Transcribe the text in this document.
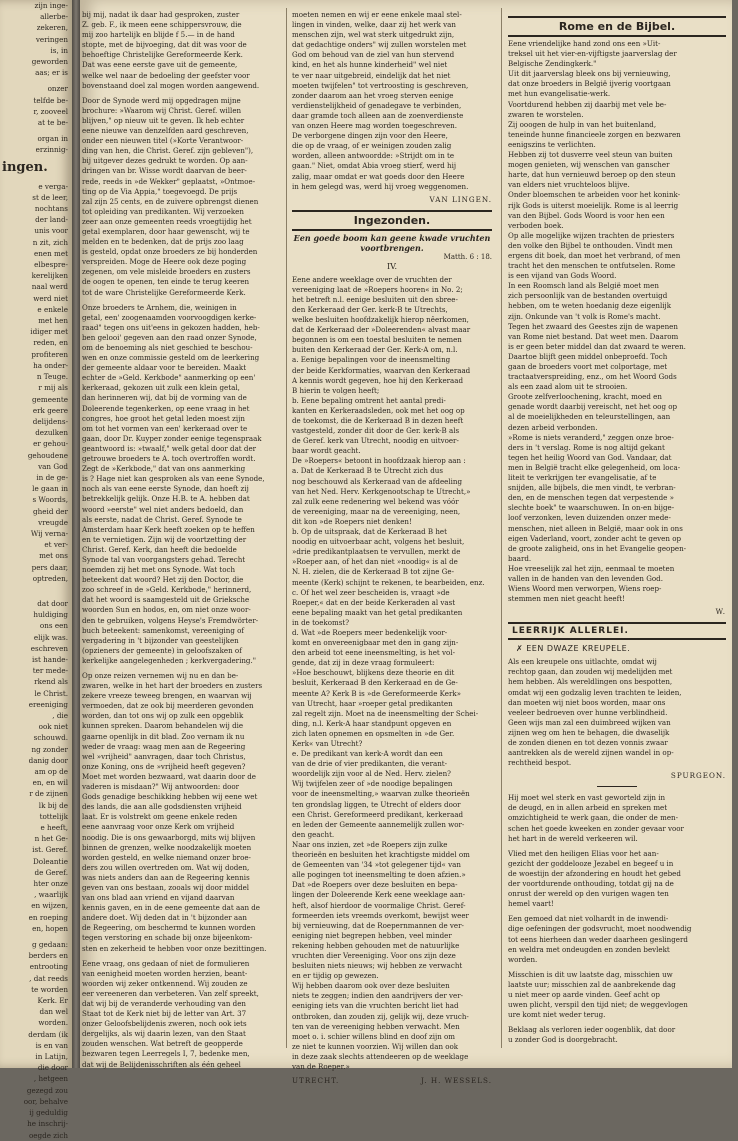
zijn inge-

allerbe-

zekeren,

veringen

is, in

geworden

aas; er is

onzer

telfde be-

r, zooveel

at te be-

organ in

erzinnig-

ingen.

e verga-

st de leer,

nochtans

der land-

unis voor

n zit, zich

enen met

elbespre-

kerelijken

naal werd

werd niet

e enkele

met hen

idiger met

reden, en

profiteren

ha onder-

n Teuge.

r mij als

gemeente

erk geere

delijdens-

dezulken

er gehou-

gehoudene

van God

in de ge-

le gaan in

s Woords,

gheid der

vreugde

Wij verna-

et ver-

met ons

pers daar,

optreden,

dat door

huldiging

ons een

elijk was.

eschreven

ist hande-

ter mede-

rkend als

le Christ.

ereeniging

, die

ook niet

schouwd.

ng zonder

danig door

am op de

en, en wil

r de zijnen

lk bij de

tottelijk

e heeft,

n het Ge-

ist. Geref.

Doleantie

de Geref.

hter onze

, waarlijk

en wijzen,

en roeping

en, hopen

g gedaan:

berders en

entrooting

, dat reeds

te worden

Kerk. Er

dan wel

worden.

derdam (ik

is en van

in Latijn,

die door

, hetgeen

gezegd zou

oor, behalve

ij geduldig

he inschrij-

oegde zich

bij mij, nadat ik daar had gesproken, zuster

Z. geb. F., ik meen eene schippersvrouw, die

mij zoo hartelijk en blijde f 5.— in de hand

stopte, met de bijvoeging, dat dit was voor de

behoeftige Christelijke Gereformeerde Kerk.

Dat was eene eerste gave uit de gemeente,

welke wel naar de bedoeling der geefster voor

bovenstaand doel zal mogen worden aangewend.

Door de Synode werd mij opgedragen mijne

brochure: »Waarom wij Christ. Geref. willen

blijven," op nieuw uit te geven. Ik heb echter

eene nieuwe van denzelfden aard geschreven,

onder een nieuwen titel (»Korte Verantwoor-

ding van hen, die Christ. Geref. zijn gebleven"),

bij uitgever dezes gedrukt te worden. Op aan-

dringen van br. Wisse wordt daarvan de beer-

rede, reeds in »de Wekker" geplaatst, »Ontmoe-

ting op de Via Appia," toegevoegd. De prijs

zal zijn 25 cents, en de zuivere opbrengst dienen

tot opleiding van predikanten. Wij verzoeken

zeer aan onze gemeenten reeds vroegtijdig het

getal exemplaren, door haar gewenscht, wij te

melden en te bedenken, dat de prijs zoo laag

is gesteld, opdat onze broeders ze bij honderden

verspreiden. Moge de Heere ook deze poging

zegenen, om vele misleide broeders en zusters

de oogen te openen, ten einde te terug keeren

tot de ware Christelijke Gereformeerde Kerk.

Onze broeders te Arnhem, die, weinigen in

getal, een' zoogenaamden voorvoogdigen kerke-

raad" tegen ons uit'eens in gekozen hadden, heb-

ben gelooi' gegeven aan den raad onzer Synode,

om de benoeming als niet geschied te beschou-

wen en onze commissie gesteld om de leerkering

der gemeente aldaar voor te bereiden. Maakt

echter de »Geld. Kerkbode" aanmerking op een'

kerkeraad, gekozen uit zulk een klein getal,

dan herinneren wij, dat bij de vorming van de

Doleerende tegenkerken, op eene vraag in het

congres, hoe groot het getal leden moest zijn

om tot het vormen van een' kerkeraad over te

gaan, door Dr. Kuyper zonder eenige tegenspraak

geantwoord is: »twaalf," welk getal door dat der

getrouwe broeders te A. toch overtroffen wordt.

Zegt de »Kerkbode," dat van ons aanmerking

is ? Hage niet kan gesproken als van eene Synode,

noch als van eene eerste Synode, dan hoeft zij

betrekkelijk gelijk. Onze H.B. te A. hebben dat

woord »eerste" wel niet anders bedoeld, dan

als eerste, nadat de Christ. Geref. Synode te

Amsterdam haar Kerk heeft zoeken op te heffen

en te vernietigen. Zijn wij de voortzetting der

Christ. Geref. Kerk, dan heeft die bedoelde

Synode tal van voorgangsters gehad. Terecht

noemden zij het met ons Synode. Wat toch

beteekent dat woord? Het zij den Doctor, die

zoo schreef in de »Geld. Kerkbode," herinnerd,

dat het woord is saamgesteld uit de Grieksche

woorden Sun en hodos, en, om niet onze woor-

den te gebruiken, volgens Heyse's Fremdwörter-

buch beteekent: samenkomst, vereeniging of

vergadering in 't bijzonder van geestelijken

(opzieners der gemeente) in geloofszaken of

kerkelijke aangelegenheden ; kerkvergadering."

Op onze reizen vernemen wij nu en dan be-

zwaren, welke in het hart der broeders en zusters

zekere vreeze teweeg brengen, en waarvan wij

vermoeden, dat ze ook bij meerderen gevonden

worden, dan tot ons wij op zulk een opgeblik

kunnen spreken. Daarom behandelen wij die

gaarne openlijk in dit blad. Zoo vernam ik nu

weder de vraag: waag men aan de Regeering

wel »vrijheid" aanvragen, daar toch Christus,

onze Koning, ons de »vrijheid heeft gegeven?

Moet met worden bezwaard, wat daarin door de

vaderen is misdaan?" Wij antwoorden: door

Gods genadige beschikking hebben wij eene wet

des lands, die aan alle godsdiensten vrijheid

laat. Er is volstrekt om geene enkele reden

eene aanvraag voor onze Kerk om vrijheid

noodig. Die is ons gewaarborgd, mits wij blijven

binnen de grenzen, welke noodzakelijk moeten

worden gesteld, en welke niemand onzer broe-

ders zou willen overtreden om. Wat wij doden,

was niets anders dan aan de Regeering kennis

geven van ons bestaan, zooals wij door middel

van ons blad aan vriend en vijand daarvan

kennis gaven, en in de eene gemeente dat aan de

andere doet. Wij deden dat in 't bijzonder aan

de Regeering, om beschermd te kunnen worden

tegen verstoring en schade bij onze bijeenkom-

sten en zekerheid te hebben voor onze bezittingen.

Eene vraag, ons gedaan of niet de formulieren

van eenigheid moeten worden herzien, beant-

woorden wij zeker ontkennend. Wij zouden ze

eer vereeneren dan verbeteren. Van zelf spreekt,

dat wij bij de veranderde verhouding van den

Staat tot de Kerk niet bij de letter van Art. 37

onzer Geloofsbelijdenis zweren, noch ook iets

dergelijks, als wij daarin lezen, van den Staat

zouden wenschen. Wat betreft de geopperde

bezwaren tegen Leerregels I, 7, bedenke men,

dat wij de Belijdenisschriften als één geheel

moeten nemen en wij er eene enkele maal stel-

lingen in vinden, welke, daar zij het werk van

menschen zijn, wel wat sterk uitgedrukt zijn,

dat gedachtige onders" wij zullen worstelen met

God om behoud van de ziel van hun stervend

kind, en het als hunne kinderheid" wel niet

te ver naar uitgebreid, eindelijk dat het niet

moeten twijfelen" tot vertroosting is geschreven,

zonder daarom aan het vroeg sterven eenige

verdienstelijkheid of genadegave te verbinden,

daar gramde toch alleen aan de zoenverdienste

van onzen Heere mag worden toegeschreven.

De verborgene dingen zijn voor den Heere,

die op de vraag, of er weinigen zouden zalig

worden, alleen antwoordde: »Strijdt om in te

gaan." Niet, omdat Abia vroeg stierf, werd hij

zalig, maar omdat er wat goeds door den Heere

in hem gelegd was, werd hij vroeg weggenomen.

VAN LINGEN.
Ingezonden.
Een goede boom kan geene kwade vruchten voortbrengen.
Matth. 6 : 18.
IV.

Eene andere weeklage over de vruchten der

vereeniging laat de »Roepers hooren« in No. 2;

het betreft n.l. eenige besluiten uit den sbree-

den Kerkeraad der Ger. kerk-B te Utrechts,

welke besluiten hoofdzakelijk hierop nêerkomen,

dat de Kerkeraad der »Doleerenden« alvast maar

begonnen is om een toestal besluiten te nemen

buiten den Kerkeraad der Ger. Kerk-A om, n.l.

a. Eenige bepalingen voor de ineensmelting

der beide Kerkformaties, waarvan den Kerkeraad

A kennis wordt gegeven, hoe hij den Kerkeraad

B hierin te volgen heeft;

b. Eene bepaling omtrent het aantal predi-

kanten en Kerkeraadsleden, ook met het oog op

de toekomst, die de Kerkeraad B in dezen heeft

vastgesteld, zonder dit door de Ger. kerk-B als

de Geref. kerk van Utrecht, noodig en uitvoer-

baar wordt geacht.

De »Roepers« betoont in hoofdzaak hierop aan :

a. Dat de Kerkeraad B te Utrecht zich dus

nog beschouwd als Kerkeraad van de afdeeling

van het Ned. Herv. Kerkgenootschap te Utrecht,»

zal zulk eene redenering wel bekend was vóór

de vereeniging, maar na de vereeniging, neen,

dit kon »de Roepers niet denken!

b. Op de uitspraak, dat de Kerkeraad B het

noodig en uitvoerbaar acht, volgens het besluit,

»drie predikantplaatsen te vervullen, merkt de

»Roeper aan, of het dan niet »noodig« is al de

N. H. zielen, die de Kerkeraad B tot zijne Ge-

meente (Kerk) schijnt te rekenen, te bearbeiden, enz.

c. Of het wel zeer bescheiden is, vraagt »de

Roeper,« dat en der beide Kerkeraden al vast

eene bepaling maakt van het getal predikanten

in de toekomst?

d. Wat »de Roepers meer bedenkelijk voor-

komt en onvereenigbaar met den in gang zijn-

den arbeid tot eene ineensmelting, is het vol-

gende, dat zij in deze vraag formuleert:

»Hoe beschouwt, blijkens deze theorie en dit

besluit, Kerkeraad B den Kerkeraad en de Ge-

meente A? Kerk B is »de Gereformeerde Kerk»

van Utrecht, haar »roeper getal predikanten

zal regelt zijn. Moet na de ineensmelting der Schei-

ding, n.l. Kerk-A haar standpunt opgeven en

zich laten opnemen en opsmelten in »de Ger.

Kerk« van Utrecht?

e. De predikant van kerk-A wordt dan een

van de drie of vier predikanten, die verant-

woordelijk zijn voor al de Ned. Herv. zielen?

Wij twijfelen zeer of »de noodige bepalingen

voor de ineensmelting,» waarvan zulke theorieën

ten grondslag liggen, te Utrecht of elders door

een Christ. Gereformeerd predikant, kerkeraad

en leden der Gemeente aannemelijk zullen wor-

den geacht.

Naar ons inzien, zet »de Roepers zijn zulke

theorieën en besluiten het krachtigste middel om

de Gemeenten van '34 »tot gelegener tijd« van

alle pogingen tot ineensmelting te doen afzien.»

Dat »de Roepers over deze besluiten en bepa-

lingen der Doleerende Kerk eene weeklage aan-

heft, alsof hierdoor de voormalige Christ. Geref-

formeerden iets vreemds overkomt, bewijst weer

bij vernieuwing, dat de Roepernmannen de ver-

eeniging niet begrepen hebben, veel minder

rekening hebben gehouden met de natuurlijke

vruchten dier Vereeniging. Voor ons zijn deze

besluiten niets nieuws; wij hebben ze verwacht

en er tijdig op gewezen.

Wij hebben daarom ook over deze besluiten

niets te zeggen; indien den aandrijvers der ver-

eeniging iets van die vruchten bericht liet had

ontbroken, dan zouden zij, gelijk wij, deze vruch-

ten van de vereeniging hebben verwacht. Men

moet o. i. schier willens blind en doof zijn om

ze niet te kunnen voorzien. Wij willen dan ook

in deze zaak slechts attendeeren op de weeklage

van de Roeper.»

UTRECHT.	J. H. WESSELS.
Rome en de Bijbel.

Eene vriendelijke hand zond ons een »Uit-

treksel uit het vier-en-vijftigste jaarverslag der

Belgische Zendingkerk."

Uit dit jaarverslag bleek ons bij vernieuwing,

dat onze broeders in België ijverig voortgaan

met hun evangelisatie-werk.

Voortdurend hebben zij daarbij met vele be-

zwaren te worstelen.

Zij ooogen de hulp in van het buitenland,

teneinde hunne financieele zorgen en bezwaren

eenigszins te verlichten.

Hebben zij tot dusverre veel steun van buiten

mogen genieten, wij wenschen van ganscher

harte, dat hun vernieuwd beroep op den steun

van elders niet vruchteloos blijve.

Onder bloemschen te arbeiden voor het konink-

rijk Gods is uiterst moeielijk. Rome is al leerrig

van den Bijbel. Gods Woord is voor hen een

verboden boek.

Op alle mogelijke wijzen trachten de priesters

den volke den Bijbel te onthouden. Vindt men

ergens dit boek, dan moet het verbrand, of men

tracht het den menschen te ontfutselen. Rome

is een vijand van Gods Woord.

In een Roomsch land als België moet men

zich persoonlijk van de bestanden overtuigd

hebben, om te weten hoedanig deze eigenlijk

zijn. Onkunde van 't volk is Rome's macht.

Tegen het zwaard des Geestes zijn de wapenen

van Rome niet bestand. Dat weet men. Daarom

is er geen beter middel dan dat zwaard te weren.

Daartoe blijft geen middel onbeproefd. Toch

gaan de broeders voort met colportage, met

tractaatverspreiding, enz., om het Woord Gods

als een zaad alom uit te strooien.

Groote zelfverloochening, kracht, moed en

genade wordt daarbij vereischt, net het oog op

al de moeielijkheden en teleurstellingen, aan

dezen arbeid verbonden.

»Rome is niets veranderd," zeggen onze broe-

ders in 't verslag. Rome is nog altijd gekant

tegen het heilig Woord van God. Vandaar, dat

men in België tracht elke gelegenheid, om loca-

liteit te verkrijgen ter evangelisatie, af te

snijden, alle bijbels, die men vindt, te verbran-

den, en de menschen tegen dat verpestende »

slechte boek" te waarschuwen. In on-en bijge-

loof verzonken, leven duizenden onzer mede-

menschen, niet alleen in België, maar ook in ons

eigen Vaderland, voort, zonder acht te geven op

de groote zaligheid, ons in het Evangelie geopen-

baard.

Hoe vreeselijk zal het zijn, eenmaal te moeten

vallen in de handen van den levenden God.

Wiens Woord men verworpen, Wiens roep-

stemmen men niet geacht heeft!

W.
LEERRIJK ALLERLEI.
✗ EEN DWAZE KREUPELE.

Als een kreupele ons uitlachte, omdat wij

rechtop gaan, dan zouden wij medelijden met

hem hebben. Als wereldlingen ons bespotten,

omdat wij een godzalig leven trachten te leiden,

dan moeten wij niet boos worden, maar ons

veeleer bedroeven over hunne verblindheid.

Geen wijs man zal een duimbreed wijken van

zijnen weg om hen te behagen, die dwaselijk

de zonden dienen en tot dezen vonnis zwaar

aantrekken als de wereld zijnen wandel in op-

rechtheid bespot.

SPURGEON.

Hij moet wel sterk en vast geworteld zijn in

de deugd, en in allen arbeid en spreken met

omzichtigheid te werk gaan, die onder de men-

schen het goede kweeken en zonder gevaar voor

het hart in de wereld verkeeren wil.

Vlied met den heiligen Elias voor het aan-

gezicht der goddelooze Jezabel en begeef u in

de woestijn der afzondering en houdt het gebed

der voortdurende onthouding, totdat gij na de

onrust der wereld op den vurigen wagen ten

hemel vaart!

Een gemoed dat niet volhardt in de inwendi-

dige oefeningen der godsvrucht, moet noodwendig

tot eens hierheen dan weder daarheen geslingerd

en weldra met ondeugden en zonden bevlekt

worden.

Misschien is dit uw laatste dag, misschien uw

laatste uur; misschien zal de aanbrekende dag

u niet meer op aarde vinden. Geef acht op

uwen plicht, verspil den tijd niet; de weggevlogen

ure komt niet weder terug.

Beklaag als verloren ieder oogenblik, dat door

u zonder God is doorgebracht.
